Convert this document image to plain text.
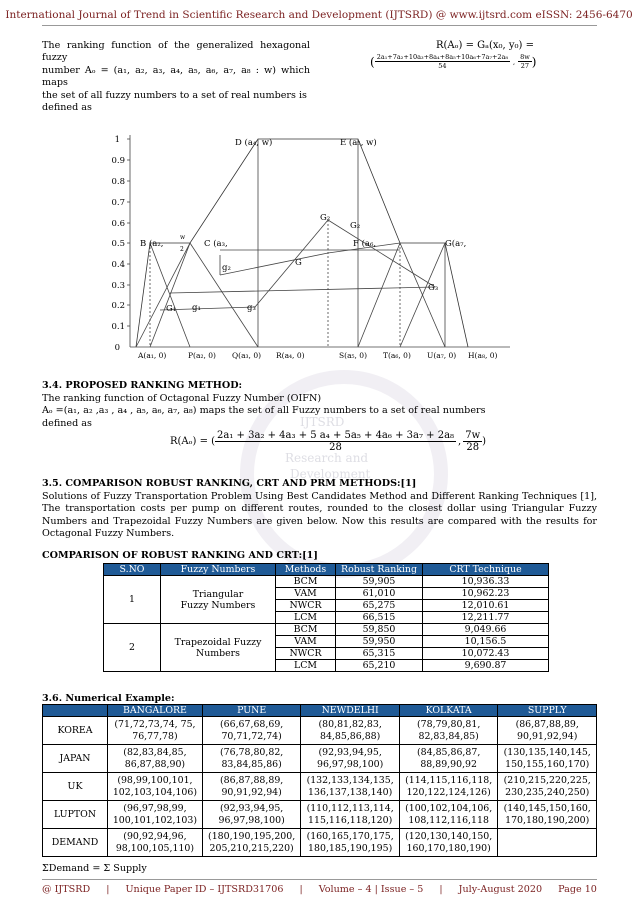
International Journal of Trend in Scientific Research and Development (IJTSRD) @ www.ijtsrd.com eISSN: 2456-6470
The ranking function of the generalized hexagonal fuzzy
number Aₒ = (a₁, a₂, a₃, a₄, a₅, a₆, a₇, a₈ : w) which maps
the set of all fuzzy numbers to a set of real numbers is
defined as
R(Aₒ) = Gₐ(x₀, y₀) =
( $\frac{\text{2a₁+7a₂+10a₃+8a₄+8a₅+10a₆+7a₇+2a₈}}{54}$ , $\frac{8w}{27}$ )
1
0.9
0.8
0.7
0.6
0.5
0.4
0.3
0.2
0.1
0
D (a₄, w)	E (a₅, w)
B (a₂,	C (a₃,	F (a₆,	G(a₇,
w
2
G₁
G₂
G₃
G
g₁
g₂
g₃
G₂
A(a₁, 0)	P(a₂, 0) Q(a₃, 0) R(a₄, 0)	S(a₅, 0) T(a₆, 0) U(a₇, 0) H(a₈, 0)
IJTSRD
Research and
Development
3.4. PROPOSED RANKING METHOD:
The ranking function of Octagonal Fuzzy Number (OIFN)
Aₒ =(a₁, a₂ ,a₃ , a₄ , a₅, a₆, a₇, a₈) maps the set of all Fuzzy numbers to a set of real numbers
defined as
R(Aₒ) = ( $\frac{\text{2a₁ + 3a₂ + 4a₃ + 5 a₄ + 5a₅ + 4a₆ + 3a₇ + 2a₈}}{28}$ , $\frac{7w}{28}$ )
3.5. COMPARISON ROBUST RANKING, CRT AND PRM METHODS:[1]
Solutions of Fuzzy Transportation Problem Using Best Candidates Method and Different Ranking Techniques [1], The transportation costs per pump on different routes, rounded to the closest dollar using Triangular Fuzzy Numbers and Trapezoidal Fuzzy Numbers are given below. Now this results are compared with the results for Octagonal Fuzzy Numbers.
COMPARISON OF ROBUST RANKING AND CRT:[1]
S.NO	Fuzzy Numbers	Methods	Robust Ranking	CRT Technique
1	Triangular Fuzzy Numbers	BCM	59,905	10,936.33
		VAM	61,010	10,962.23
		NWCR	65,275	12,010.61
		LCM	66,515	12,211.77
2	Trapezoidal Fuzzy Numbers	BCM	59,850	9,049.66
		VAM	59,950	10,156.5
		NWCR	65,315	10,072.43
		LCM	65,210	9,690.87
3.6. Numerical Example:
	BANGALORE	PUNE	NEWDELHI	KOLKATA	SUPPLY
KOREA	(71,72,73,74, 75, 76,77,78)	(66,67,68,69, 70,71,72,74)	(80,81,82,83, 84,85,86,88)	(78,79,80,81, 82,83,84,85)	(86,87,88,89, 90,91,92,94)
JAPAN	(82,83,84,85, 86,87,88,90)	(76,78,80,82, 83,84,85,86)	(92,93,94,95, 96,97,98,100)	(84,85,86,87, 88,89,90,92	(130,135,140,145, 150,155,160,170)
UK	(98,99,100,101, 102,103,104,106)	(86,87,88,89, 90,91,92,94)	(132,133,134,135, 136,137,138,140)	(114,115,116,118, 120,122,124,126)	(210,215,220,225, 230,235,240,250)
LUPTON	(96,97,98,99, 100,101,102,103)	(92,93,94,95, 96,97,98,100)	(110,112,113,114, 115,116,118,120)	(100,102,104,106, 108,112,116,118	(140,145,150,160, 170,180,190,200)
DEMAND	(90,92,94,96, 98,100,105,110)	(180,190,195,200, 205,210,215,220)	(160,165,170,175, 180,185,190,195)	(120,130,140,150, 160,170,180,190)	
ΣDemand = Σ Supply
@ IJTSRD | Unique Paper ID – IJTSRD31706 | Volume – 4 | Issue – 5 | July-August 2020 Page 10
